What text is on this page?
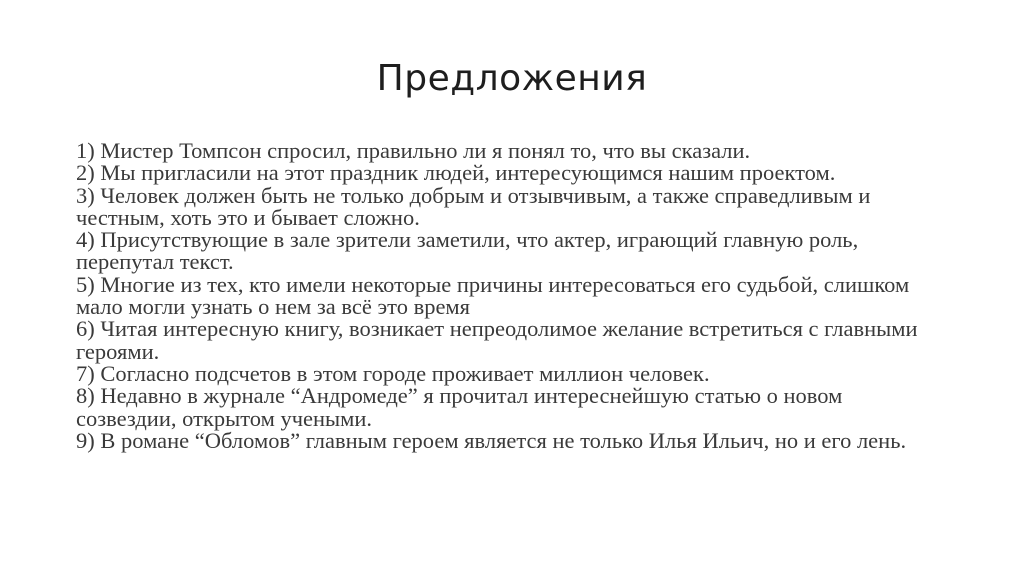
Предложения
1) Мистер Томпсон спросил, правильно ли я понял то, что вы сказали.
2) Мы пригласили на этот праздник людей, интересующимся нашим проектом.
3) Человек должен быть не только добрым и отзывчивым, а также справедливым и честным, хоть это и бывает сложно.
4) Присутствующие в зале зрители заметили, что актер, играющий главную роль, перепутал текст.
5) Многие из тех, кто имели некоторые причины интересоваться его судьбой, слишком мало могли узнать о нем за всё это время
6) Читая интересную книгу, возникает непреодолимое желание встретиться с главными героями.
7) Согласно подсчетов в этом городе проживает миллион человек.
8) Недавно в журнале “Андромеде” я прочитал интереснейшую статью о новом созвездии, открытом учеными.
9) В романе “Обломов” главным героем является не только Илья Ильич, но и его лень.
